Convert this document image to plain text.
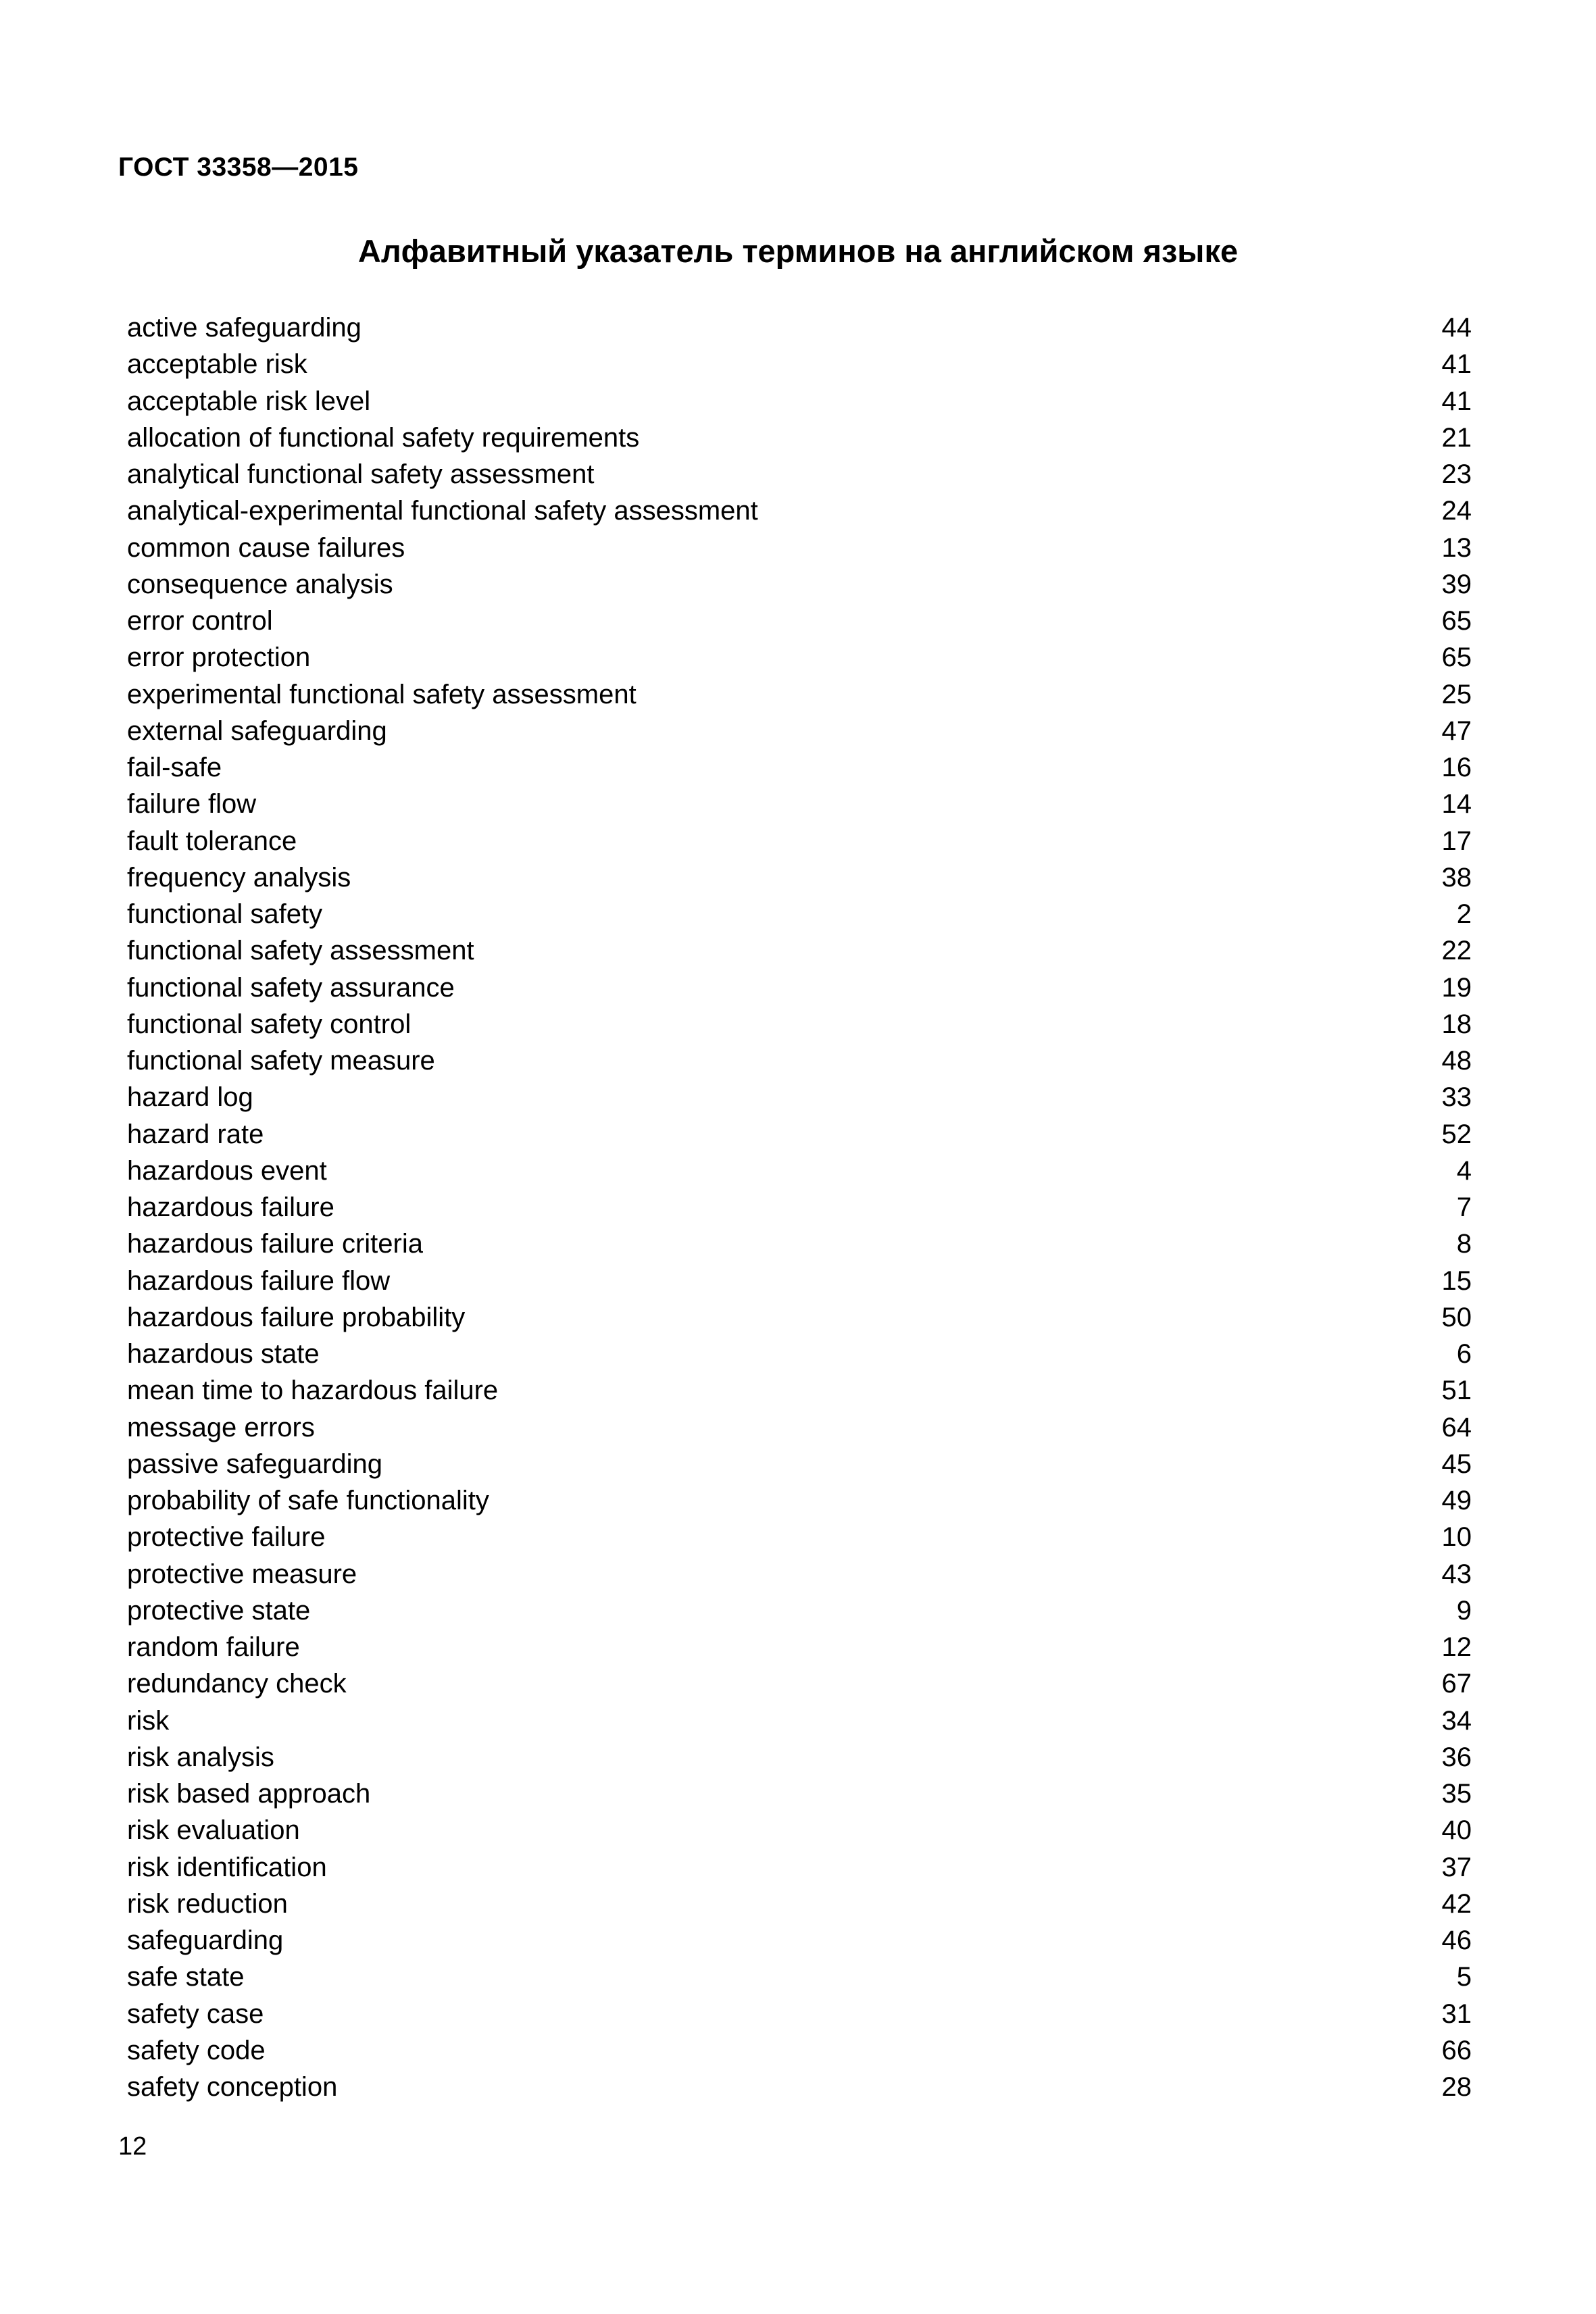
ГОСТ 33358—2015
Алфавитный указатель терминов на английском языке
active safeguarding	44
acceptable risk	41
acceptable risk level	41
allocation of functional safety requirements	21
analytical functional safety assessment	23
analytical-experimental functional safety assessment	24
common cause failures	13
consequence analysis	39
error control	65
error protection	65
experimental functional safety assessment	25
external safeguarding	47
fail-safe	16
failure flow	14
fault tolerance	17
frequency analysis	38
functional safety	2
functional safety assessment	22
functional safety assurance	19
functional safety control	18
functional safety measure	48
hazard log	33
hazard rate	52
hazardous event	4
hazardous failure	7
hazardous failure criteria	8
hazardous failure flow	15
hazardous failure probability	50
hazardous state	6
mean time to hazardous failure	51
message errors	64
passive safeguarding	45
probability of safe functionality	49
protective failure	10
protective measure	43
protective state	9
random failure	12
redundancy check	67
risk	34
risk analysis	36
risk based approach	35
risk evaluation	40
risk identification	37
risk reduction	42
safeguarding	46
safe state	5
safety case	31
safety code	66
safety conception	28
12
